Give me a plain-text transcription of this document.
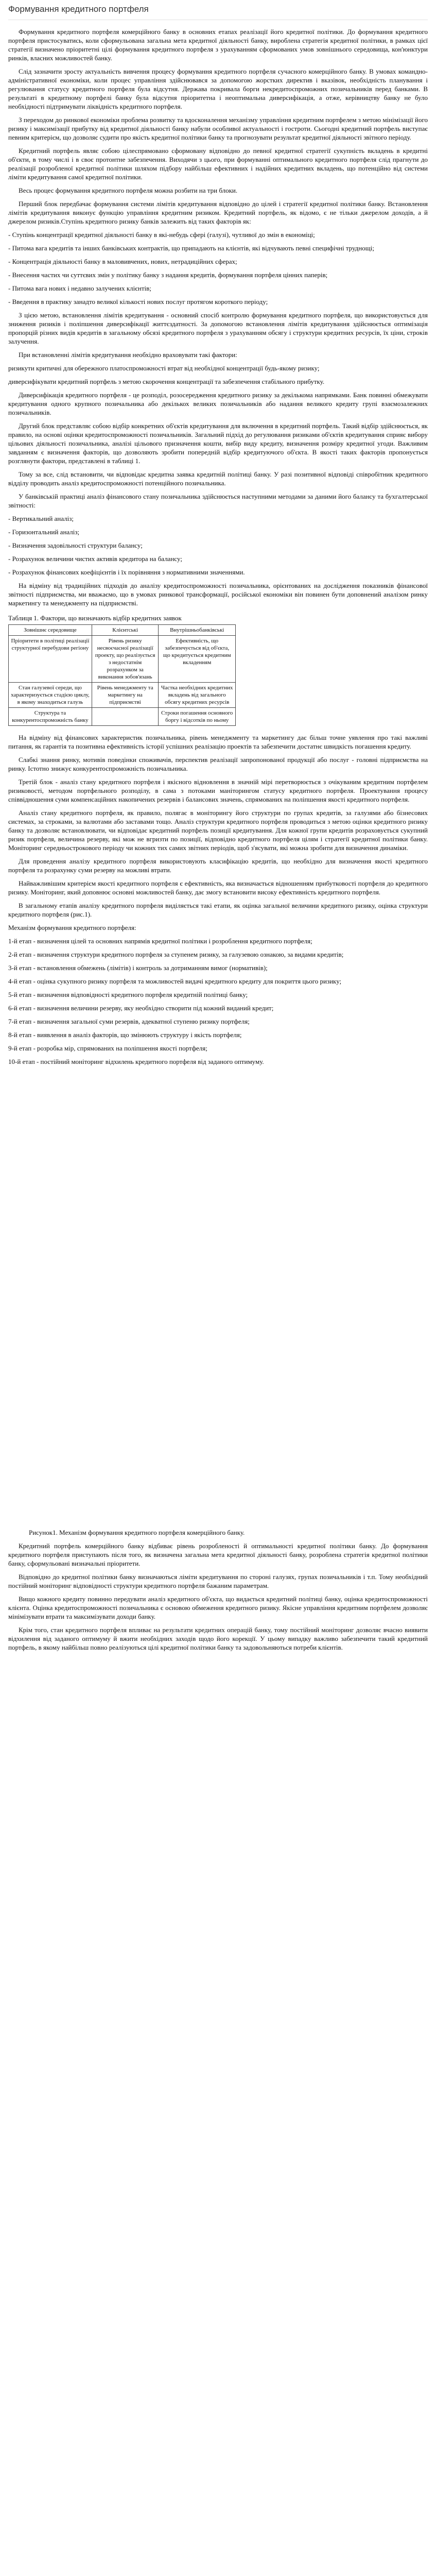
Формування кредитного портфеля

Формування кредитного портфеля комерційного банку в основних етапах реалізації його кредитної політики. До формування кредитного портфеля пристосуватись, коли сформульована загальна мета кредитної діяльності банку, вироблена стратегія кредитної політики, в рамках цієї стратегії визначено пріоритетні цілі формування кредитного портфеля з урахуванням сформованих умов зовнішнього середовища, кон'юнктури ринків, власних можливостей банку.

Слід зазначити зросту актуальність вивчення процесу формування кредитного портфеля сучасного комерційного банку. В умовах командно-адміністративної економіки, коли процес управління здійснювався за допомогою жорстких директив і вказівок, необхідність планування і регулювання статусу кредитного портфеля була відсутня. Держава покривала борги некредитоспроможних позичальників перед банками. В результаті в кредитному портфелі банку була відсутня пріоритетна і неоптимальна диверсифікація, а отже, керівництву банку не було необхідності підтримувати ліквідність кредитного портфеля.

З переходом до ринкової економіки проблема розвитку та вдосконалення механізму управління кредитним портфелем з метою мінімізації його ризику і максимізації прибутку від кредитної діяльності банку набули особливої актуальності і гостроти. Сьогодні кредитний портфель виступає певним критерієм, що дозволяє судити про якість кредитної політики банку та прогнозувати результат кредитної діяльності звітного періоду.

Кредитний портфель являє собою цілеспрямовано сформовану відповідно до певної кредитної стратегії сукупність вкладень в кредитні об'єкти, в тому числі і в своє протонтне забезпечення. Виходячи з цього, при формуванні оптимального кредитного портфеля слід прагнути до реалізації розробленої кредитної політики шляхом підбору найбільш ефективних і надійних кредитних вкладень, що потенційно від системи ліміти кредитування самої кредитної політики.

Весь процес формування кредитного портфеля можна розбити на три блоки.

Перший блок передбачає формування системи лімітів кредитування відповідно до цілей і стратегії кредитної політики банку. Встановлення лімітів кредитування виконує функцію управління кредитним ризиком. Кредитний портфель, як відомо, є не тільки джерелом доходів, а й джерелом ризиків.Ступінь кредитного ризику банків залежить від таких факторів як:

- Ступінь концентрації кредитної діяльності банку в які-небудь сфері (галузі), чутливої до змін в економіці;

- Питома вага кредитів та інших банківських контрактів, що припадають на клієнтів, які відчувають певні специфічні труднощі;

- Концентрація діяльності банку в маловивчених, нових, нетрадиційних сферах;

- Внесення частих чи суттєвих змін у політику банку з надання кредитів, формування портфеля цінних паперів;

- Питома вага нових і недавно залучених клієнтів;

- Введення в практику занадто великої кількості нових послуг протягом короткого періоду;

З цією метою, встановлення лімітів кредитування - основний спосіб контролю формування кредитного портфеля, що використовується для зниження ризиків і поліпшення диверсифікації життєздатності. За допомогою встановлення лімітів кредитування здійснюється оптимізація пропорцій різних видів кредитів в загальному обсязі кредитного портфеля з урахуванням обсягу і структури кредитних ресурсів, їх ціни, строків залучення.

При встановленні лімітів кредитування необхідно враховувати такі фактори:

ризикути критичні для обережного платоспроможності втрат від необхідної концентрації будь-якому ризику;

диверсифікувати кредитний портфель з метою скорочення концентрації та забезпечення стабільного прибутку.

Диверсифікація кредитного портфеля - це розподіл, розосередження кредитного ризику за декількома напрямками. Банк повинні обмежувати кредитування одного крупного позичальника або декількох великих позичальників або надання великого кредиту групі взаємозалежних позичальників.

Другий блок представляє собою відбір конкретних об'єктів кредитування для включення в кредитний портфель. Такий відбір здійснюється, як правило, на основі оцінки кредитоспроможності позичальників. Загальний підхід до регулювання ризиками об'єктів кредитування сприяє вибору цільових діяльності позичальника, аналізі цільового призначення кошти, вибір виду кредиту, визначення розміру кредитної угоди. Важливим завданням є визначення факторів, що дозволяють зробити попередній відбір кредитуючого об'єкта. В якості таких факторів пропонується розглянути фактори, представлені в таблиці 1.

Тому за все, слід встановити, чи відповідає кредитна заявка кредитній політиці банку. У разі позитивної відповіді співробітник кредитного відділу проводить аналіз кредитоспроможності потенційного позичальника.

У банківській практиці аналіз фінансового стану позичальника здійснюється наступними методами за даними його балансу та бухгалтерської звітності:

- Вертикальний аналіз;

- Горизонтальний аналіз;

- Визначення задовільності структури балансу;

- Розрахунок величини чистих активів кредитора на балансу;

- Розрахунок фінансових коефіцієнтів і їх порівняння з нормативними значеннями.

На відміну від традиційних підходів до аналізу кредитоспроможності позичальника, орієнтованих на дослідження показників фінансової звітності підприємства, ми вважаємо, що в умовах ринкової трансформації, російської економіки він повинен бути доповнений аналізом ринку маркетингу та менеджменту на підприємстві.

Таблиця 1. Фактори, що визначають відбір кредитних заявок

Зовнішнє середовище	Клієнтські	Внутрішньобанківські
Пріоритети в політиці реалізації структурної перебудови регіону	Рівень ризику несвоєчасної реалізації проекту, що реалізується з недостатнім розрахунком за виконання зобов'язань	Ефективність, що забезпечується від об'єкта, що кредитується кредитним вкладенням
Стан галузевої середи, що характеризується стадією циклу, в якому знаходиться галузь	Рівень менеджменту та маркетингу на підприємстві	Частка необхідних кредитних вкладень від загального обсягу кредитних ресурсів
Структура та конкурентоспроможність банку		Строки погашення основного боргу і відсотків по ньому

На відміну від фінансових характеристик позичальника, рівень менеджменту та маркетингу дає більш точне уявлення про такі важливі питання, як гарантія та позитивна ефективність історії успішних реалізацію проектів та забезпечити достатнє швидкість погашення кредиту.

Слабкі знання ринку, мотивів поведінки споживачів, перспектив реалізації запропонованої продукції або послуг - головні підприємства на ринку. Істотно знижує конкурентоспроможність позичальника.

Третій блок - аналіз стану кредитного портфеля і якісного відновлення в значній мірі перетворюється з очікуваним кредитним портфелем ризиковості, методом портфельного розподілу, в сама з потоками маніторингом статусу кредитного портфеля. Проектування процесу співвідношення суми компенсаційних накопичених резервів і балансових значень, спрямованих на поліпшення якості кредитного портфеля.

Аналіз стану кредитного портфеля, як правило, полягає в моніторингу його структури по групах кредитів, за галузями або бізнесових системах, за строками, за валютами або заставами тощо. Аналіз структури кредитного портфеля проводиться з метою оцінки кредитного ризику банку та дозволяє встановлювати, чи відповідає кредитний портфель позиції кредитування. Для кожної групи кредитів розраховується сукупний ризик портфеля, величина резерву, які мож не вгризти по позиції, відповідно кредитного портфеля цілям і стратегії кредитної політики банку. Моніторинг середньострокового періоду чи кожних тих самих звітних періодів, щоб з'ясувати, які можна зробити для визначення динаміки.

Для проведення аналізу кредитного портфеля використовують класифікацію кредитів, що необхідно для визначення якості кредитного портфеля та розрахунку суми резерву на можливі втрати.

Найважливішим критерієм якості кредитного портфеля є ефективність, яка визначається відношенням прибутковості портфеля до кредитного ризику. Моніторинг, який доповнює основні можливостей банку, дає змогу встановити високу ефективність кредитного портфеля.

В загальному етапів аналізу кредитного портфеля виділяється такі етапи, як оцінка загальної величини кредитного ризику, оцінка структури кредитного портфеля (рис.1).

Механізм формування кредитного портфеля:

1-й етап - визначення цілей та основних напрямів кредитної політики і розроблення кредитного портфеля;

2-й етап - визначення структури кредитного портфеля за ступенем ризику, за галузевою ознакою, за видами кредитів;

3-й етап - встановлення обмежень (лімітів) і контроль за дотриманням вимог (нормативів);

4-й етап - оцінка сукупного ризику портфеля та можливостей видачі кредитного кредиту для покриття цього ризику;

5-й етап - визначення відповідності кредитного портфеля кредитній політиці банку;

6-й етап - визначення величини резерву, яку необхідно створити під кожний виданий кредит;

7-й етап - визначення загальної суми резервів, адекватної ступеню ризику портфеля;

8-й етап - виявлення в аналіз факторів, що змінюють структуру і якість портфеля;

9-й етап - розробка мір, спрямованих на поліпшення якості портфеля;

10-й етап - постійний моніторинг відхилень кредитного портфеля від заданого оптимуму.

Рисунок1. Механізм формування кредитного портфеля комерційного банку.

Кредитний портфель комерційного банку відбиває рівень розробленості й оптимальності кредитної політики банку. До формування кредитного портфеля приступають після того, як визначена загальна мета кредитної діяльності банку, розроблена стратегія кредитної політики банку, сформульовані визначальні пріоритети.

Відповідно до кредитної політики банку визначаються ліміти кредитування по стороні галузях, групах позичальників і т.п. Тому необхідний постійний моніторинг відповідності структури кредитного портфеля бажаним параметрам.

Вищо кожного кредиту повинно передувати аналіз кредитного об'єкта, що видається кредитний політиці банку, оцінка кредитоспроможності клієнта. Оцінка кредитоспроможності позичальника є основою обмеження кредитного ризику. Якісне управління кредитним портфелем дозволяє мінімізувати втрати та максимізувати доходи банку.

Крім того, стан кредитного портфеля впливає на результати кредитних операцій банку, тому постійний моніторинг дозволяє вчасно виявити відхилення від заданого оптимуму й вжити необхідних заходів щодо його корекції. У цьому випадку важливо забезпечити такий кредитний портфель, в якому найбільш повно реалізуються цілі кредитної політики банку та задовольняються потреби клієнтів.
